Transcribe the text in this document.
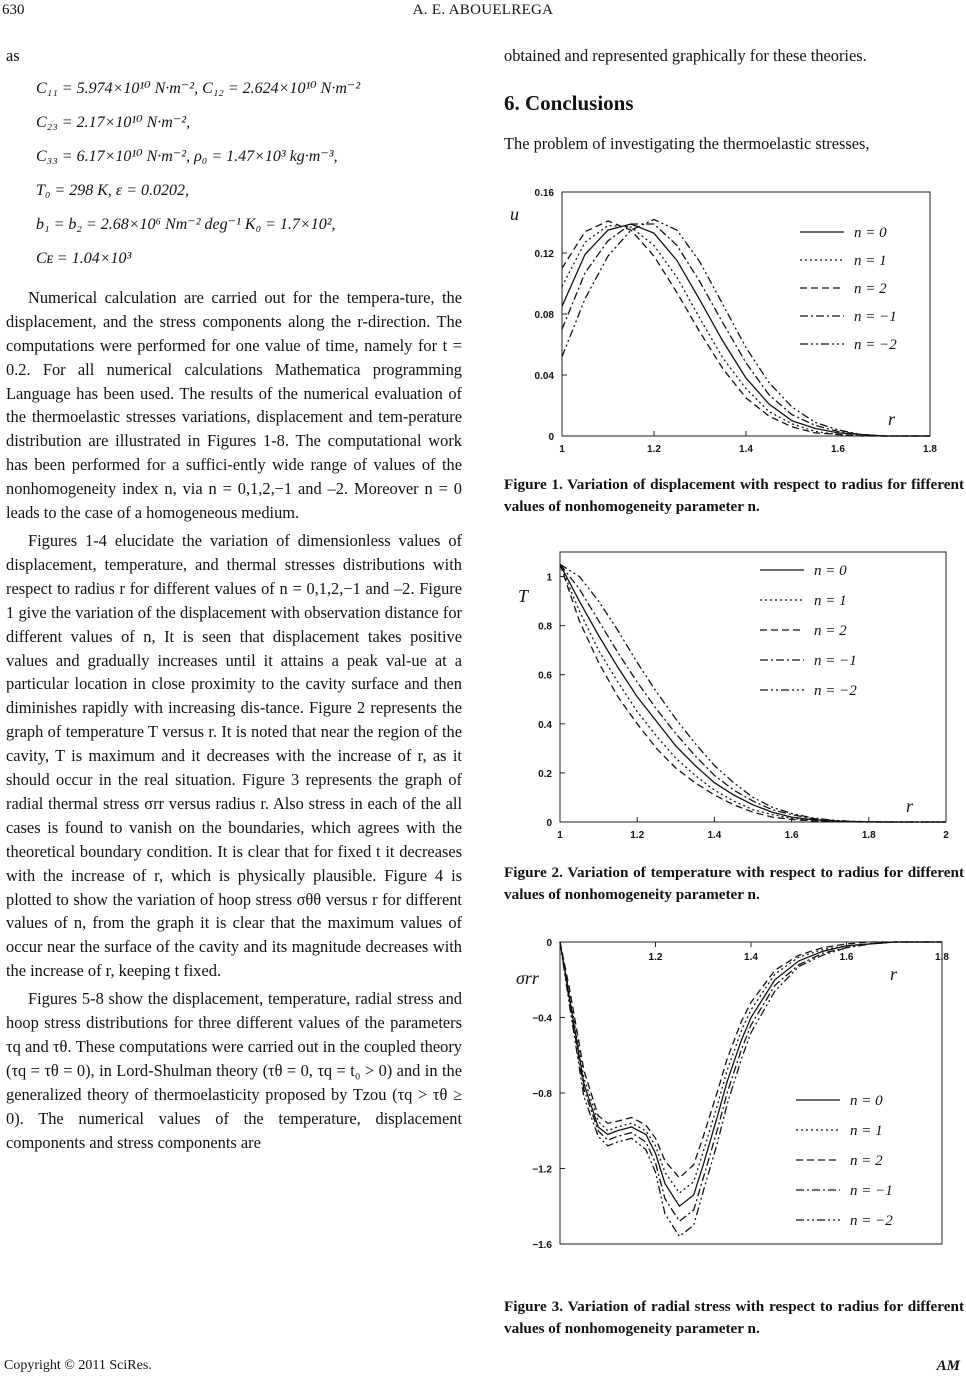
630	A. E. ABOUELREGA
as
C₁₁ = 5.974×10¹⁰ N·m⁻², C₁₂ = 2.624×10¹⁰ N·m⁻²
C₂₃ = 2.17×10¹⁰ N·m⁻²,
C₃₃ = 6.17×10¹⁰ N·m⁻², ρ₀ = 1.47×10³ kg·m⁻³,
T₀ = 298 K, ε = 0.0202,
b₁ = b₂ = 2.68×10⁶ Nm⁻² deg⁻¹ K₀ = 1.7×10²,
Cᴇ = 1.04×10³

Numerical calculation are carried out for the tempera-ture, the displacement, and the stress components along the r-direction. The computations were performed for one value of time, namely for t = 0.2. For all numerical calculations Mathematica programming Language has been used. The results of the numerical evaluation of the thermoelastic stresses variations, displacement and tem-perature distribution are illustrated in Figures 1-8. The computational work has been performed for a suffici-ently wide range of values of the nonhomogeneity index n, via n = 0,1,2,−1 and –2. Moreover n = 0 leads to the case of a homogeneous medium.

Figures 1-4 elucidate the variation of dimensionless values of displacement, temperature, and thermal stresses distributions with respect to radius r for different values of n = 0,1,2,−1 and –2. Figure 1 give the variation of the displacement with observation distance for different values of n, It is seen that displacement takes positive values and gradually increases until it attains a peak val-ue at a particular location in close proximity to the cavity surface and then diminishes rapidly with increasing dis-tance. Figure 2 represents the graph of temperature T versus r. It is noted that near the region of the cavity, T is maximum and it decreases with the increase of r, as it should occur in the real situation. Figure 3 represents the graph of radial thermal stress σrr versus radius r. Also stress in each of the all cases is found to vanish on the boundaries, which agrees with the theoretical boundary condition. It is clear that for fixed t it decreases with the increase of r, which is physically plausible. Figure 4 is plotted to show the variation of hoop stress σθθ versus r for different values of n, from the graph it is clear that the maximum values of occur near the surface of the cavity and its magnitude decreases with the increase of r, keeping t fixed.

Figures 5-8 show the displacement, temperature, radial stress and hoop stress distributions for three different values of the parameters τq and τθ. These computations were carried out in the coupled theory (τq = τθ = 0), in Lord-Shulman theory (τθ = 0, τq = t₀ > 0) and in the generalized theory of thermoelasticity proposed by Tzou (τq > τθ ≥ 0). The numerical values of the temperature, displacement components and stress components are

obtained and represented graphically for these theories.
6. Conclusions
The problem of investigating the thermoelastic stresses,
0
0.04
0.08
0.12
0.16
1	1.2	1.4	1.6	1.8
u
r
n = 0
n = 1
n = 2
n = −1
n = −2
Figure 1. Variation of displacement with respect to radius for fifferent values of nonhomogeneity parameter n.
0
0.2
0.4
0.6
0.8
1
1	1.2	1.4	1.6	1.8	2
T
r
n = 0
n = 1
n = 2
n = −1
n = −2
Figure 2. Variation of temperature with respect to radius for different values of nonhomogeneity parameter n.
0
−0.4
−0.8
−1.2
−1.6
1.2	1.4	1.6	1.8
σrr	r
n = 0
n = 1
n = 2
n = −1
n = −2
Figure 3. Variation of radial stress with respect to radius for different values of nonhomogeneity parameter n.
Copyright © 2011 SciRes.	AM
